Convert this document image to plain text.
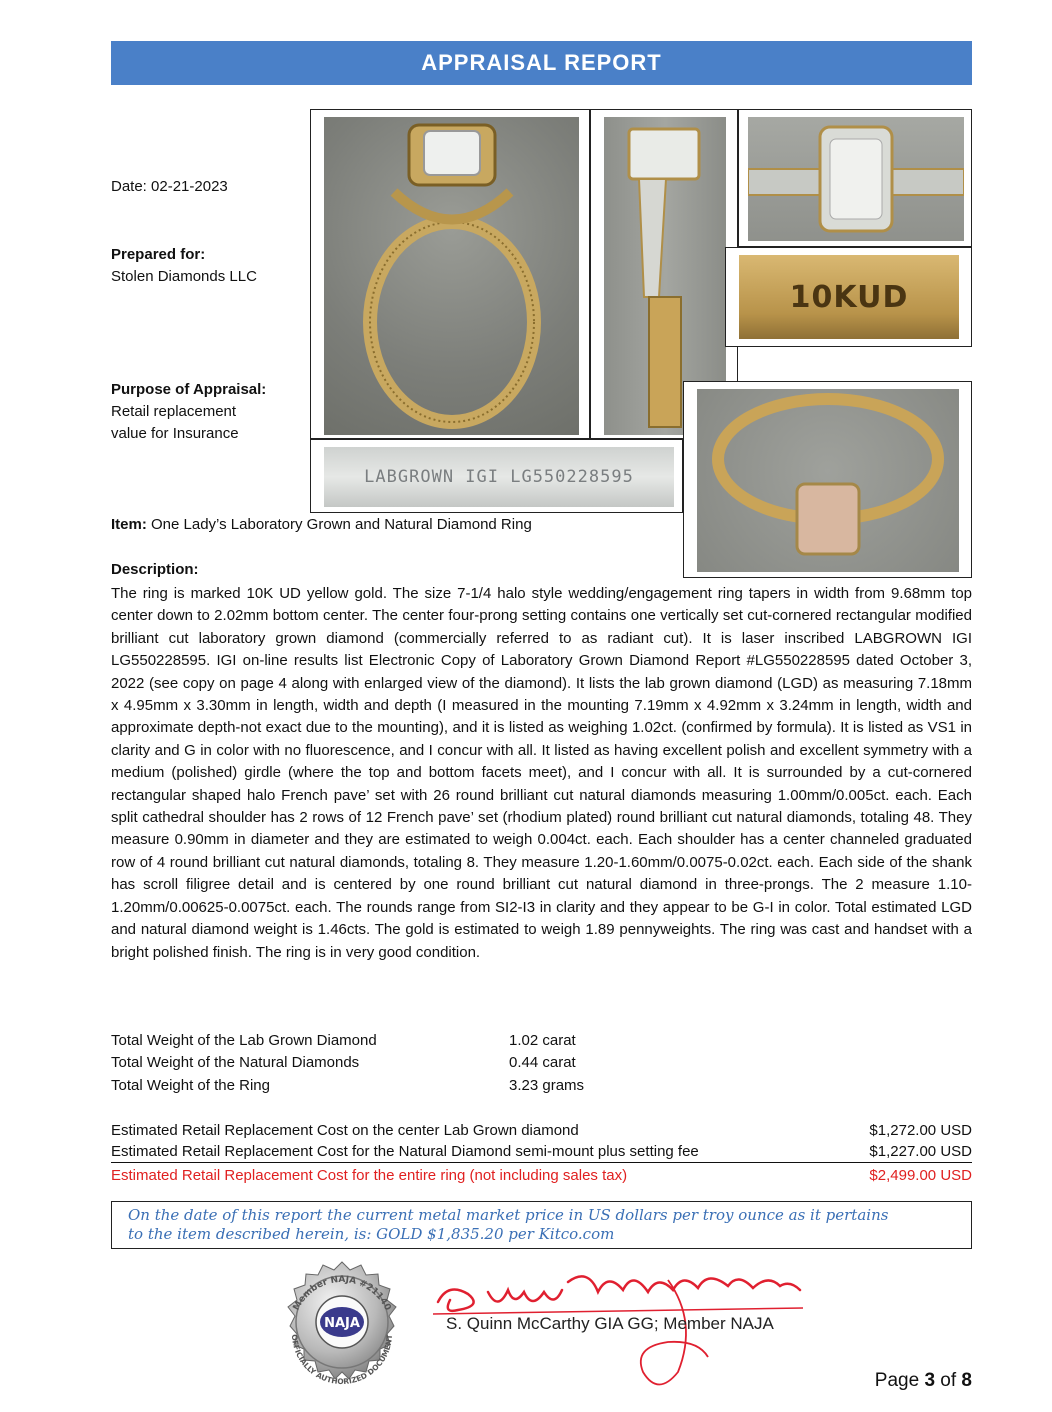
APPRAISAL REPORT
Date: 02-21-2023
Prepared for:
Stolen Diamonds LLC
Purpose of Appraisal:
Retail replacement
value for Insurance
10KUD
LABGROWN IGI LG550228595
Item: One Lady’s Laboratory Grown and Natural Diamond Ring
Description:
The ring is marked 10K UD yellow gold. The size 7-1/4 halo style wedding/engagement ring tapers in width from 9.68mm top center down to 2.02mm bottom center. The center four-prong setting contains one vertically set cut-cornered rectangular modified brilliant cut laboratory grown diamond (commercially referred to as radiant cut). It is laser inscribed LABGROWN IGI LG550228595. IGI on-line results list Electronic Copy of Laboratory Grown Diamond Report #LG550228595 dated October 3, 2022 (see copy on page 4 along with enlarged view of the diamond). It lists the lab grown diamond (LGD) as measuring 7.18mm x 4.95mm x 3.30mm in length, width and depth (I measured in the mounting 7.19mm x 4.92mm x 3.24mm in length, width and approximate depth-not exact due to the mounting), and it is listed as weighing 1.02ct. (confirmed by formula). It is listed as VS1 in clarity and G in color with no fluorescence, and I concur with all. It listed as having excellent polish and excellent symmetry with a medium (polished) girdle (where the top and bottom facets meet), and I concur with all. It is surrounded by a cut-cornered rectangular shaped halo French pave’ set with 26 round brilliant cut natural diamonds measuring 1.00mm/0.005ct. each. Each split cathedral shoulder has 2 rows of 12 French pave’ set (rhodium plated) round brilliant cut natural diamonds, totaling 48. They measure 0.90mm in diameter and they are estimated to weigh 0.004ct. each. Each shoulder has a center channeled graduated row of 4 round brilliant cut natural diamonds, totaling 8. They measure 1.20-1.60mm/0.0075-0.02ct. each. Each side of the shank has scroll filigree detail and is centered by one round brilliant cut natural diamond in three-prongs. The 2 measure 1.10-1.20mm/0.00625-0.0075ct. each. The rounds range from SI2-I3 in clarity and they appear to be G-I in color. Total estimated LGD and natural diamond weight is 1.46cts. The gold is estimated to weigh 1.89 pennyweights. The ring was cast and handset with a bright polished finish. The ring is in very good condition.
Total Weight of the Lab Grown Diamond	1.02 carat
Total Weight of the Natural Diamonds	0.44 carat
Total Weight of the Ring	3.23 grams
Estimated Retail Replacement Cost on the center Lab Grown diamond	$1,272.00 USD
Estimated Retail Replacement Cost for the Natural Diamond semi-mount plus setting fee	$1,227.00 USD
Estimated Retail Replacement Cost for the entire ring (not including sales tax)	$2,499.00 USD
On the date of this report the current metal market price in US dollars per troy ounce as it pertains
to the item described herein, is: GOLD $1,835.20 per Kitco.com
NAJA
Member NAJA #21140
OFFICIALLY AUTHORIZED DOCUMENT
S. Quinn McCarthy GIA GG; Member NAJA
Page 3 of 8
